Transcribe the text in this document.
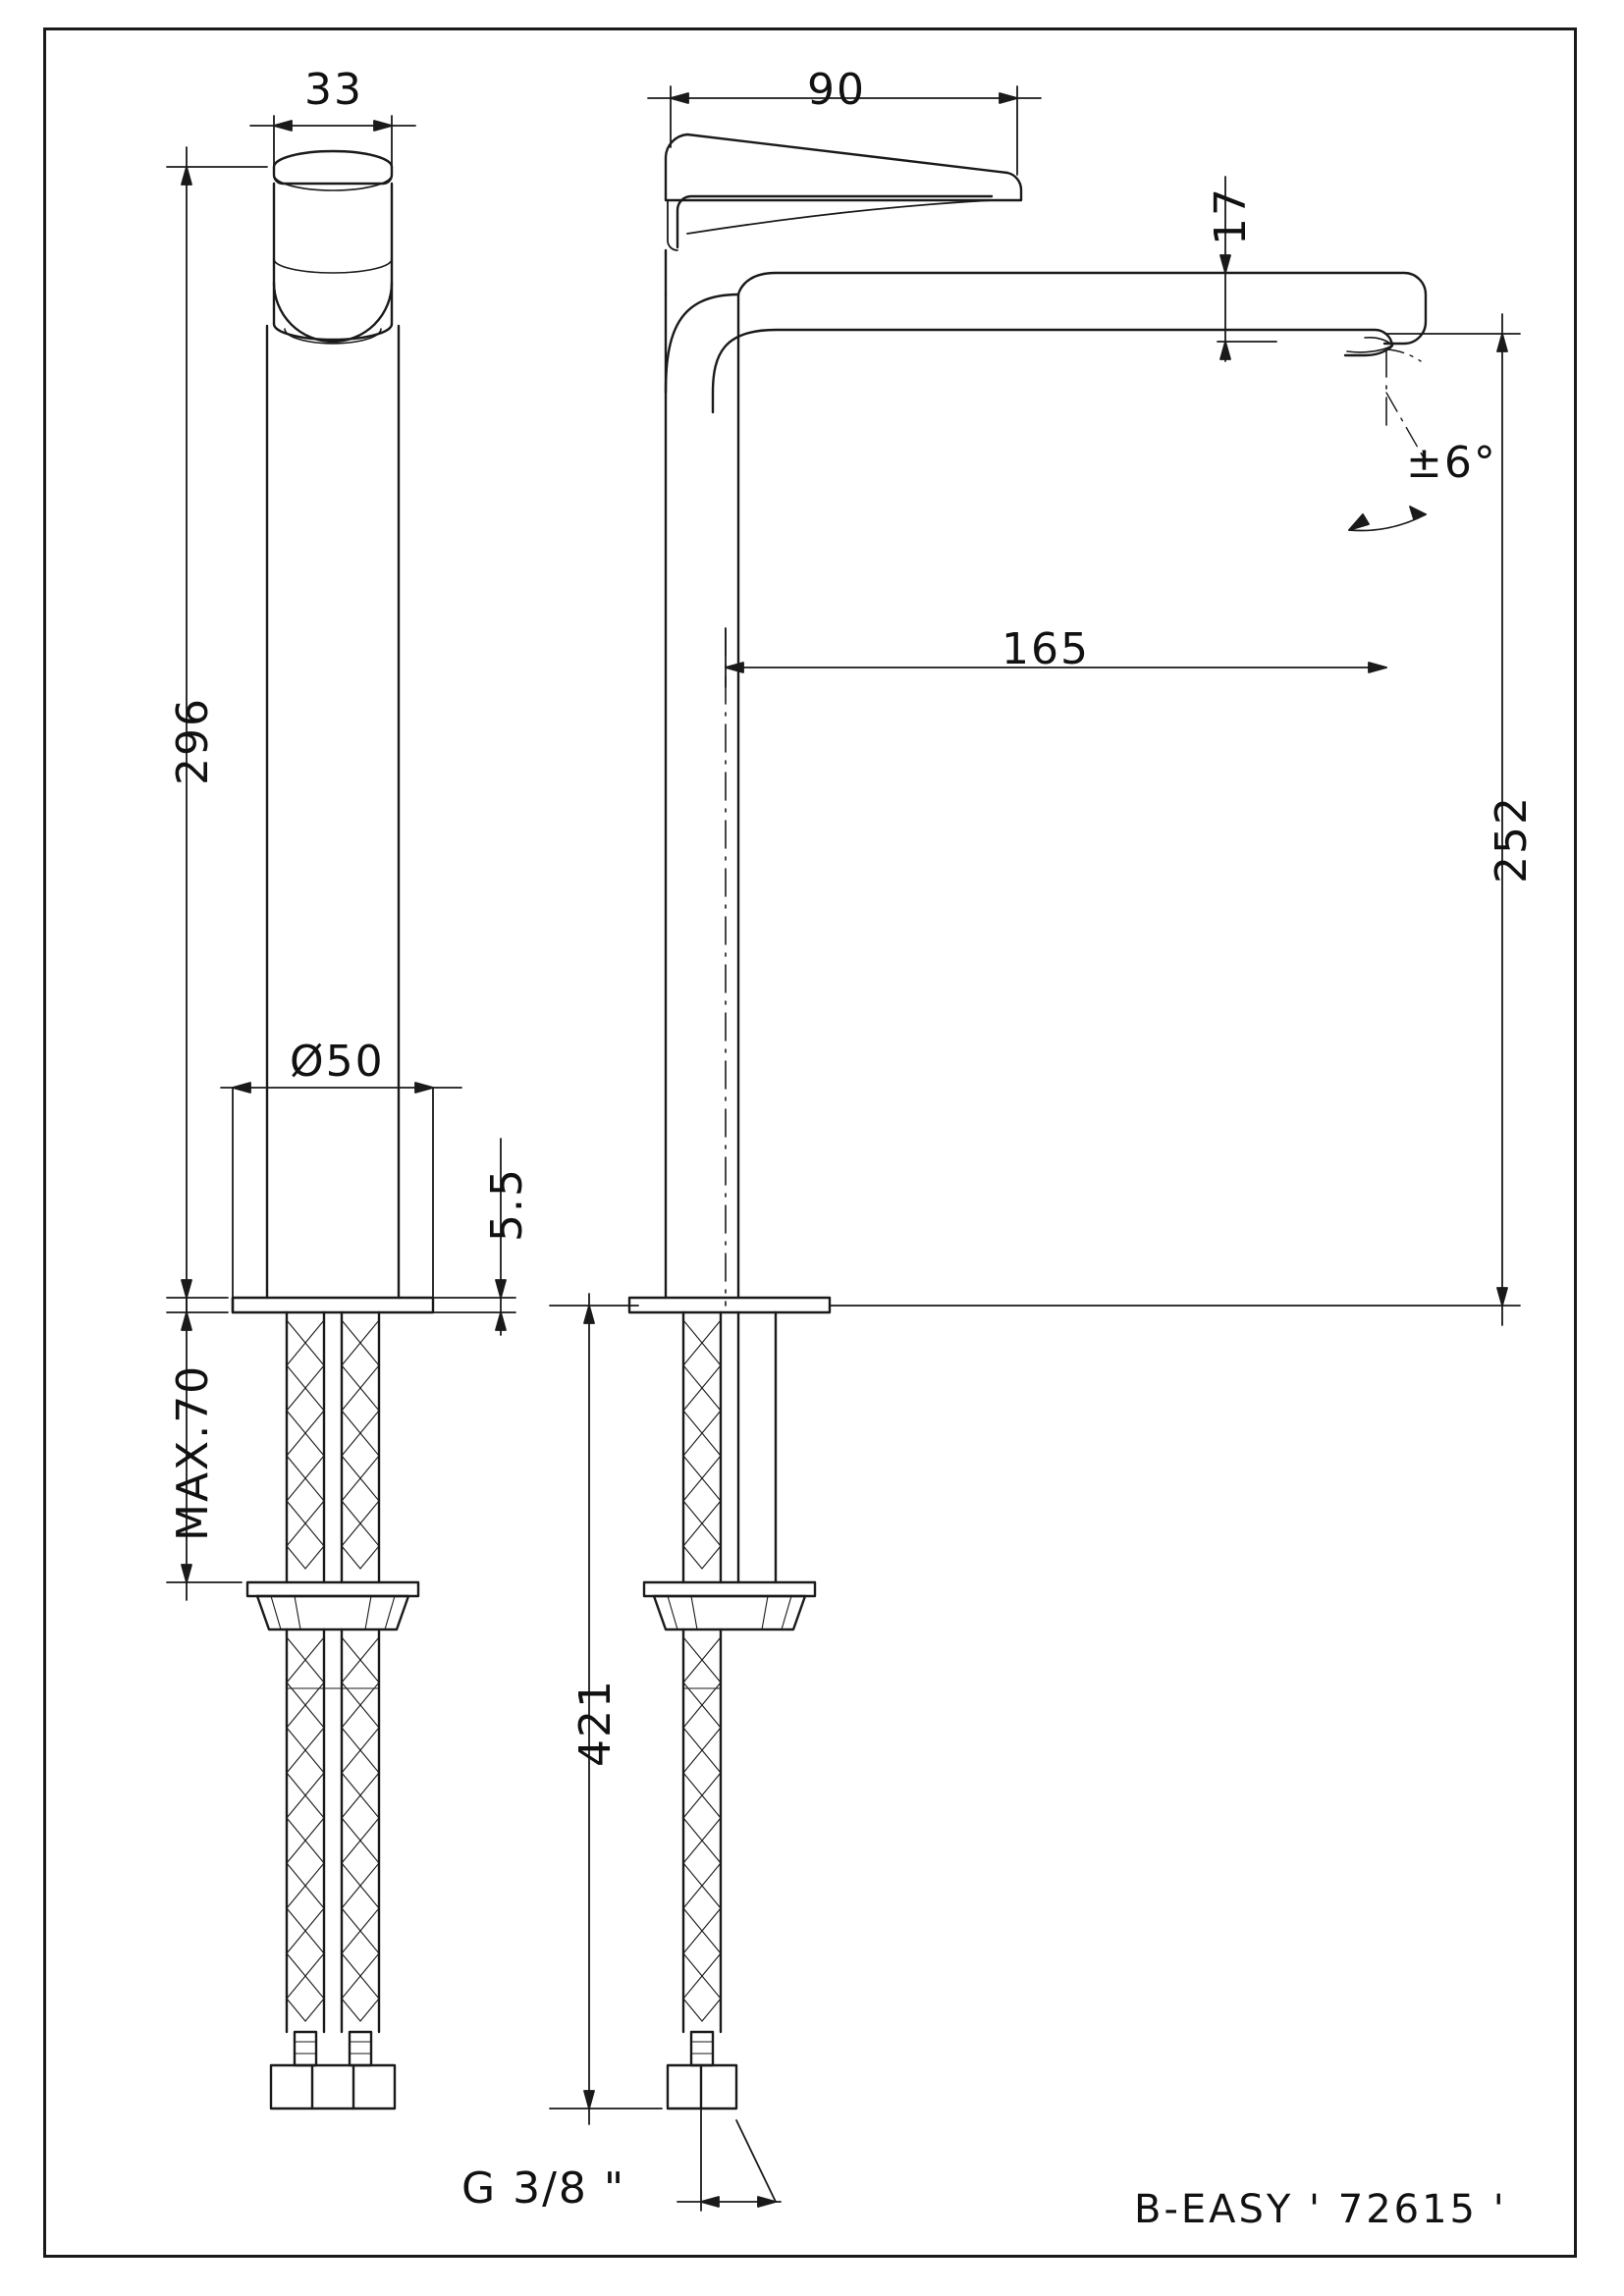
33	90
17
±6°
296
Ø50
5.5
MAX.70
165
252
421
G 3/8 "	B-EASY ' 72615 '
